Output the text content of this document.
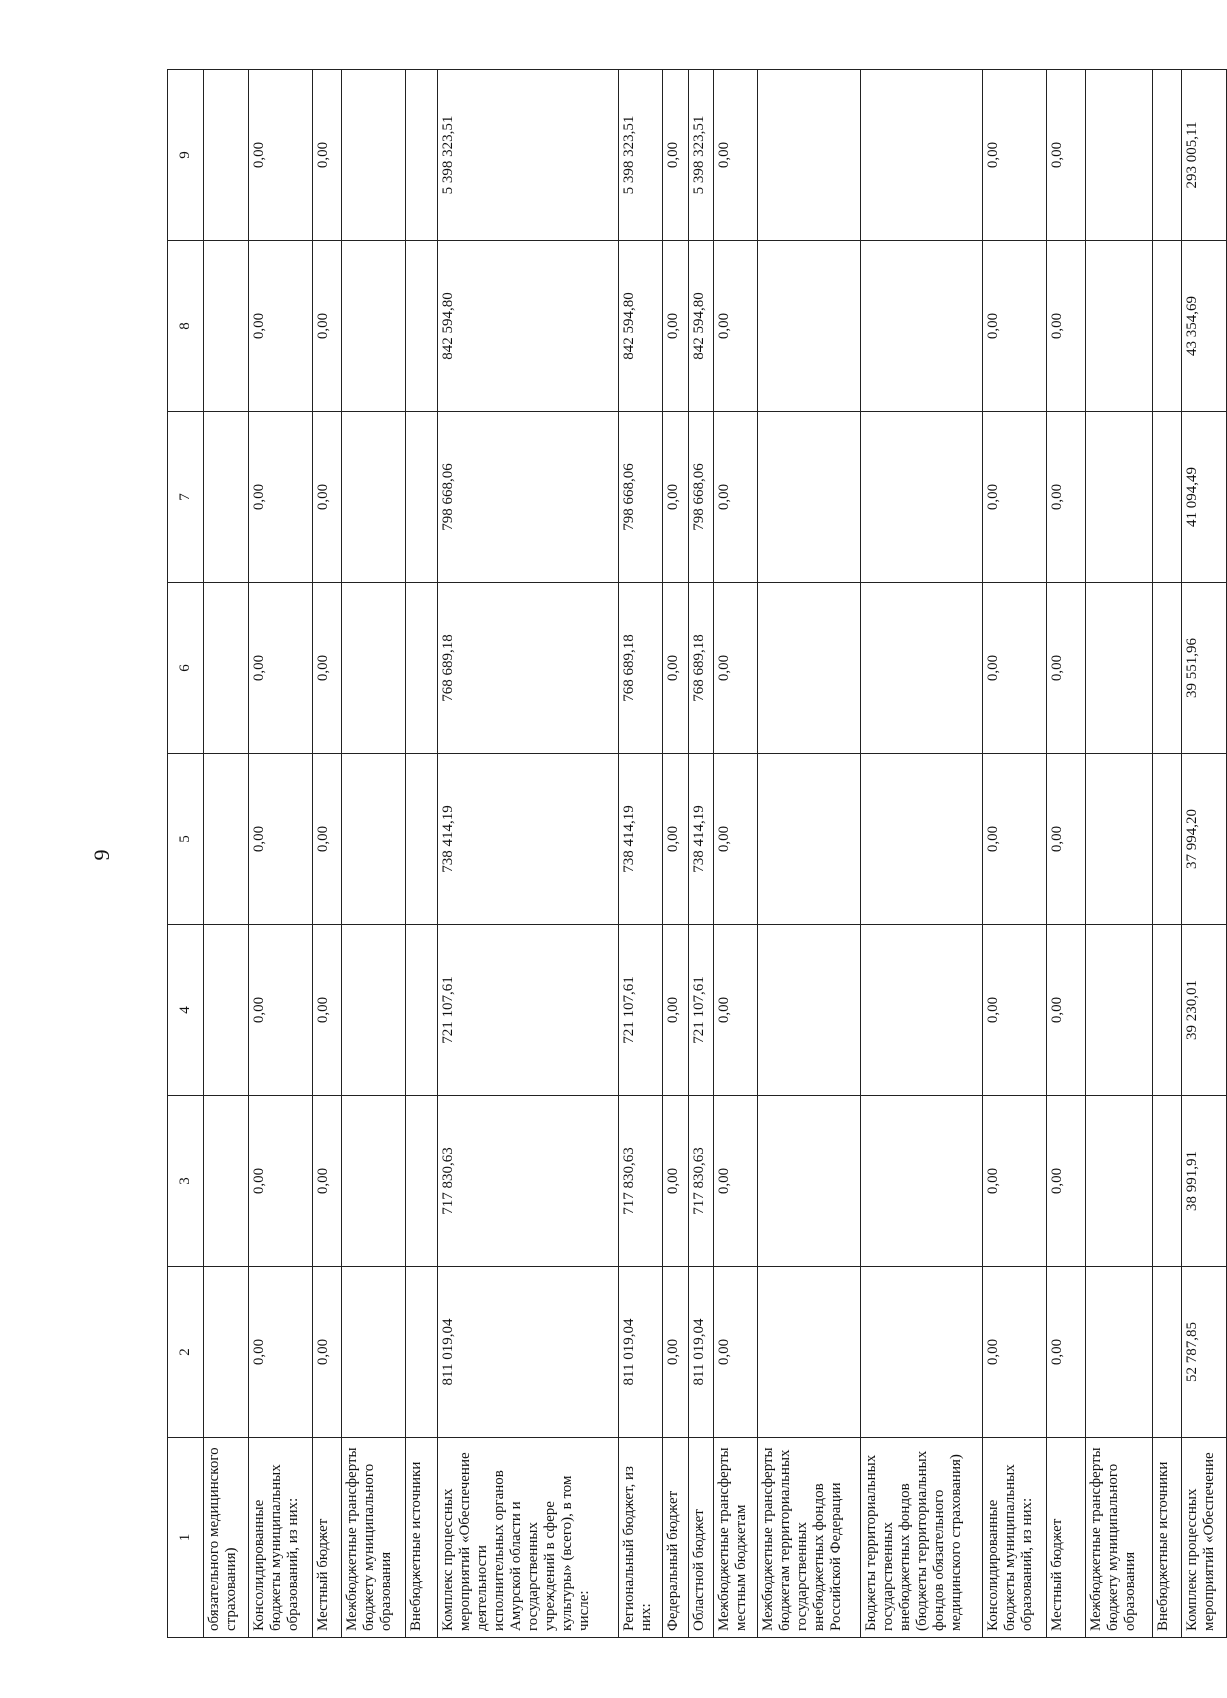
9
1	2	3	4	5	6	7	8	9
обязательного медицинского страхования)								
Консолидированные бюджеты муниципальных образований, из них:	0,00	0,00	0,00	0,00	0,00	0,00	0,00	0,00
Местный бюджет	0,00	0,00	0,00	0,00	0,00	0,00	0,00	0,00
Межбюджетные трансферты бюджету муниципального образования								
Внебюджетные источники								
Комплекс процессных мероприятий «Обеспечение деятельности исполнительных органов Амурской области и государственных учреждений в сфере культуры» (всего), в том числе:	811 019,04	717 830,63	721 107,61	738 414,19	768 689,18	798 668,06	842 594,80	5 398 323,51
Региональный бюджет, из них:	811 019,04	717 830,63	721 107,61	738 414,19	768 689,18	798 668,06	842 594,80	5 398 323,51
Федеральный бюджет	0,00	0,00	0,00	0,00	0,00	0,00	0,00	0,00
Областной бюджет	811 019,04	717 830,63	721 107,61	738 414,19	768 689,18	798 668,06	842 594,80	5 398 323,51
Межбюджетные трансферты местным бюджетам	0,00	0,00	0,00	0,00	0,00	0,00	0,00	0,00
Межбюджетные трансферты бюджетам территориальных государственных внебюджетных фондов Российской Федерации								
Бюджеты территориальных государственных внебюджетных фондов (бюджеты территориальных фондов обязательного медицинского страхования)								
Консолидированные бюджеты муниципальных образований, из них:	0,00	0,00	0,00	0,00	0,00	0,00	0,00	0,00
Местный бюджет	0,00	0,00	0,00	0,00	0,00	0,00	0,00	0,00
Межбюджетные трансферты бюджету муниципального образования								
Внебюджетные источники								
Комплекс процессных мероприятий «Обеспечение	52 787,85	38 991,91	39 230,01	37 994,20	39 551,96	41 094,49	43 354,69	293 005,11
